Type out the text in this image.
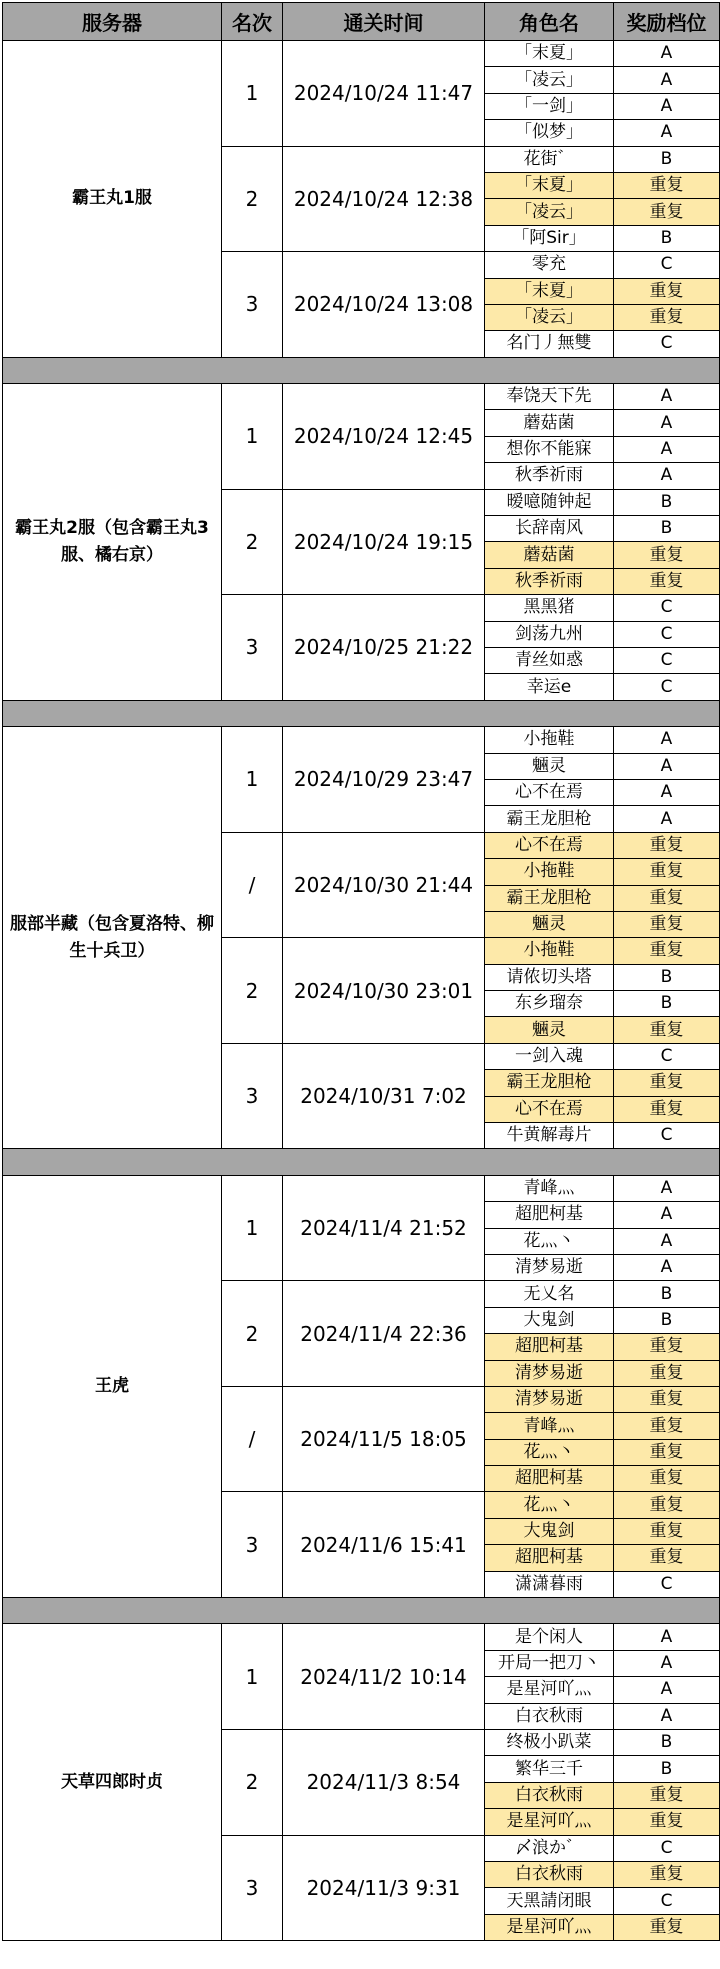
服务器	名次	通关时间	角色名	奖励档位
霸王丸1服	1	2024/10/24 11:47	「末夏」	A
			「凌云」	A
			「一剑」	A
			「似梦」	A
	2	2024/10/24 12:38	花街゛	B
			「末夏」	重复
			「凌云」	重复
			「阿Sir」	B
	3	2024/10/24 13:08	零充	C
			「末夏」	重复
			「凌云」	重复
			名门丿無雙	C

霸王丸2服（包含霸王丸3服、橘右京）	1	2024/10/24 12:45	奉饶天下先	A
			蘑菇菌	A
			想你不能寐	A
			秋季祈雨	A
	2	2024/10/24 19:15	暧噫随钟起	B
			长辞南风	B
			蘑菇菌	重复
			秋季祈雨	重复
	3	2024/10/25 21:22	黑黑猪	C
			剑荡九州	C
			青丝如惑	C
			幸运e	C

服部半藏（包含夏洛特、柳生十兵卫）	1	2024/10/29 23:47	小拖鞋	A
			魎灵	A
			心不在焉	A
			霸王龙胆枪	A
	/	2024/10/30 21:44	心不在焉	重复
			小拖鞋	重复
			霸王龙胆枪	重复
			魎灵	重复
	2	2024/10/30 23:01	小拖鞋	重复
			请侬切头塔	B
			东乡瑠奈	B
			魎灵	重复
	3	2024/10/31 7:02	一剑入魂	C
			霸王龙胆枪	重复
			心不在焉	重复
			牛黄解毒片	C

王虎	1	2024/11/4 21:52	青峰灬	A
			超肥柯基	A
			花灬丶	A
			清梦易逝	A
	2	2024/11/4 22:36	无乂名	B
			大鬼剑	B
			超肥柯基	重复
			清梦易逝	重复
	/	2024/11/5 18:05	清梦易逝	重复
			青峰灬	重复
			花灬丶	重复
			超肥柯基	重复
	3	2024/11/6 15:41	花灬丶	重复
			大鬼剑	重复
			超肥柯基	重复
			潇潇暮雨	C

天草四郎时贞	1	2024/11/2 10:14	是个闲人	A
			开局一把刀丶	A
			是星河吖灬	A
			白衣秋雨	A
	2	2024/11/3 8:54	终极小趴菜	B
			繁华三千	B
			白衣秋雨	重复
			是星河吖灬	重复
	3	2024/11/3 9:31	〆浪か゛	C
			白衣秋雨	重复
			天黑請闭眼	C
			是星河吖灬	重复
